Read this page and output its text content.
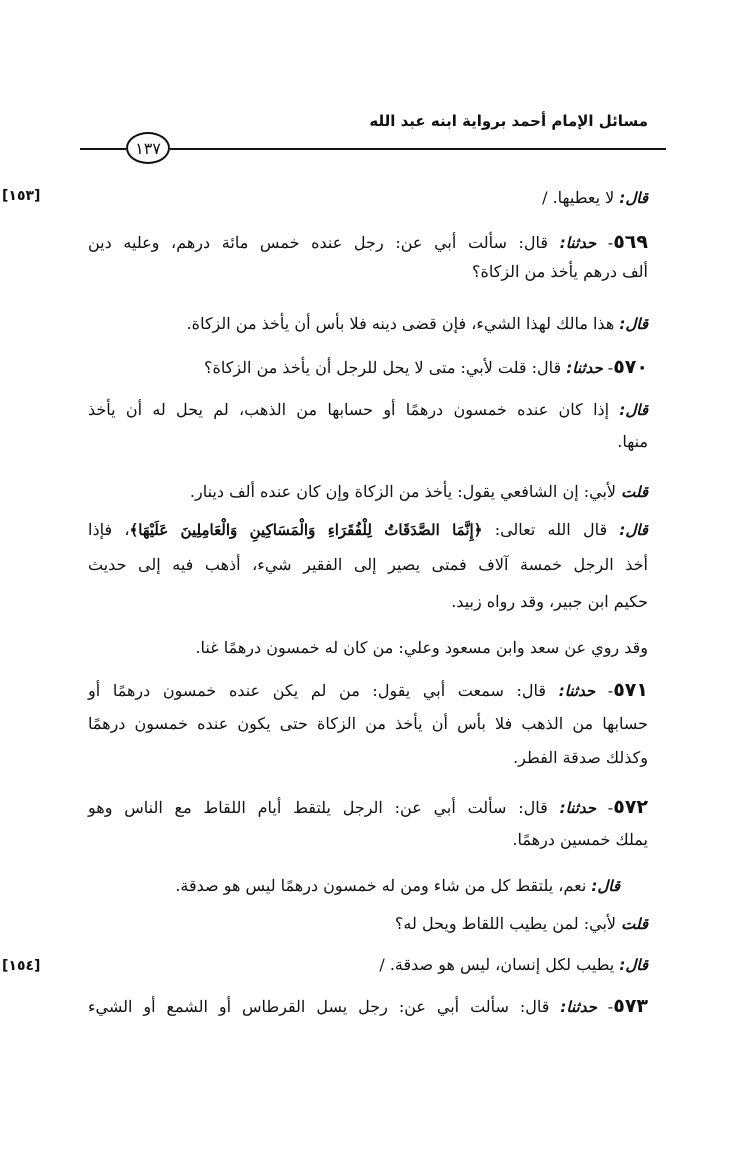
مسائل الإمام أحمد برواية ابنه عبد الله
١٣٧
[١٥٣]
[١٥٤]
قال: لا يعطيها. /
٥٦٩- حدثنا: قال: سألت أبي عن: رجل عنده خمس مائة درهم، وعليه دين
ألف درهم يأخذ من الزكاة؟
قال: هذا مالك لهذا الشيء، فإن قضى دينه فلا بأس أن يأخذ من الزكاة.
٥٧٠- حدثنا: قال: قلت لأبي: متى لا يحل للرجل أن يأخذ من الزكاة؟
قال: إذا كان عنده خمسون درهمًا أو حسابها من الذهب، لم يحل له أن يأخذ
منها.
قلت لأبي: إن الشافعي يقول: يأخذ من الزكاة وإن كان عنده ألف دينار.
قال: قال الله تعالى: ﴿إِنَّمَا الصَّدَقَاتُ لِلْفُقَرَاءِ وَالْمَسَاكِينِ وَالْعَامِلِينَ عَلَيْهَا﴾، فإذا
أخذ الرجل خمسة آلاف فمتى يصير إلى الفقير شيء، أذهب فيه إلى حديث
حكيم ابن جبير، وقد رواه زبيد.
وقد روي عن سعد وابن مسعود وعلي: من كان له خمسون درهمًا غنا.
٥٧١- حدثنا: قال: سمعت أبي يقول: من لم يكن عنده خمسون درهمًا أو
حسابها من الذهب فلا بأس أن يأخذ من الزكاة حتى يكون عنده خمسون درهمًا
وكذلك صدقة الفطر.
٥٧٢- حدثنا: قال: سألت أبي عن: الرجل يلتقط أيام اللقاط مع الناس وهو
يملك خمسين درهمًا.
قال: نعم، يلتقط كل من شاء ومن له خمسون درهمًا ليس هو صدقة.
قلت لأبي: لمن يطيب اللقاط ويحل له؟
قال: يطيب لكل إنسان، ليس هو صدقة. /
٥٧٣- حدثنا: قال: سألت أبي عن: رجل يسل القرطاس أو الشمع أو الشيء
